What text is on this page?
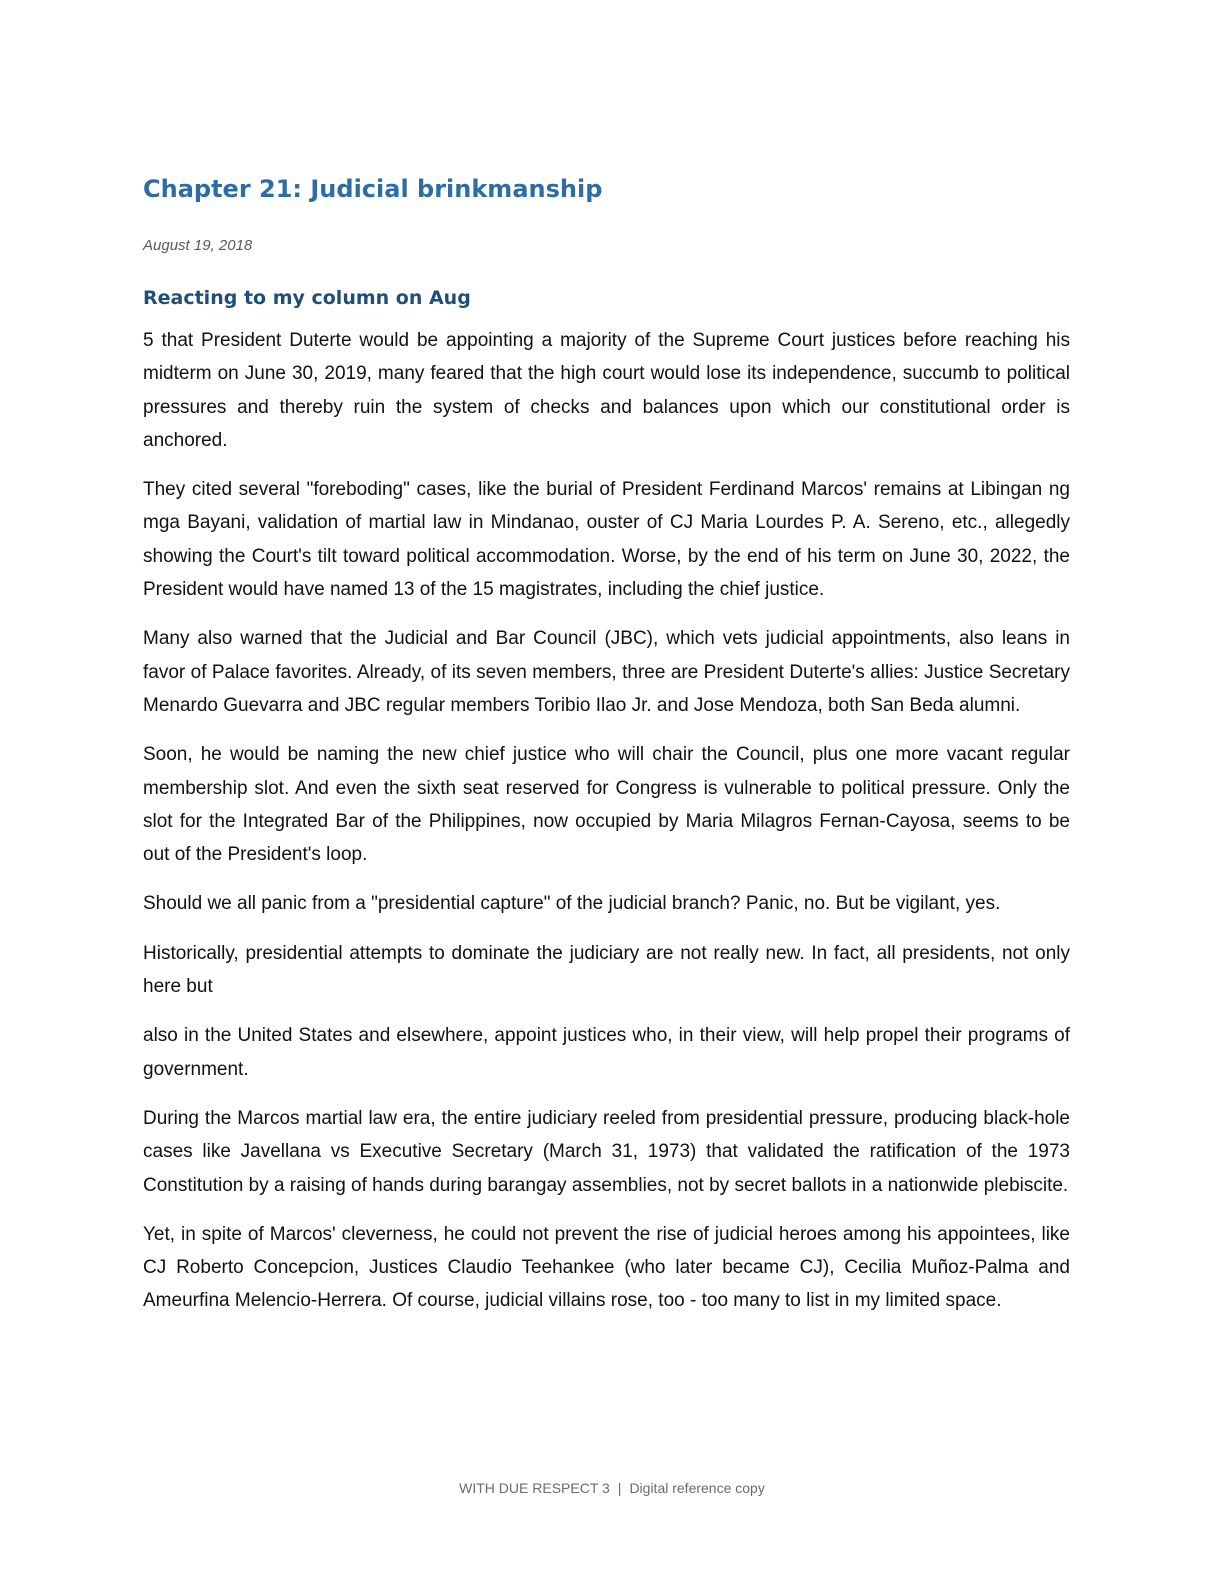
Chapter 21: Judicial brinkmanship
August 19, 2018
Reacting to my column on Aug

5 that President Duterte would be appointing a majority of the Supreme Court justices before reaching his midterm on June 30, 2019, many feared that the high court would lose its independence, succumb to political pressures and thereby ruin the system of checks and balances upon which our constitutional order is anchored.

They cited several "foreboding" cases, like the burial of President Ferdinand Marcos' remains at Libingan ng mga Bayani, validation of martial law in Mindanao, ouster of CJ Maria Lourdes P. A. Sereno, etc., allegedly showing the Court's tilt toward political accommodation. Worse, by the end of his term on June 30, 2022, the President would have named 13 of the 15 magistrates, including the chief justice.

Many also warned that the Judicial and Bar Council (JBC), which vets judicial appointments, also leans in favor of Palace favorites. Already, of its seven members, three are President Duterte's allies: Justice Secretary Menardo Guevarra and JBC regular members Toribio Ilao Jr. and Jose Mendoza, both San Beda alumni.

Soon, he would be naming the new chief justice who will chair the Council, plus one more vacant regular membership slot. And even the sixth seat reserved for Congress is vulnerable to political pressure. Only the slot for the Integrated Bar of the Philippines, now occupied by Maria Milagros Fernan-Cayosa, seems to be out of the President's loop.

Should we all panic from a "presidential capture" of the judicial branch? Panic, no. But be vigilant, yes.

Historically, presidential attempts to dominate the judiciary are not really new. In fact, all presidents, not only here but

also in the United States and elsewhere, appoint justices who, in their view, will help propel their programs of government.

During the Marcos martial law era, the entire judiciary reeled from presidential pressure, producing black-hole cases like Javellana vs Executive Secretary (March 31, 1973) that validated the ratification of the 1973 Constitution by a raising of hands during barangay assemblies, not by secret ballots in a nationwide plebiscite.

Yet, in spite of Marcos' cleverness, he could not prevent the rise of judicial heroes among his appointees, like CJ Roberto Concepcion, Justices Claudio Teehankee (who later became CJ), Cecilia Muñoz-Palma and Ameurfina Melencio-Herrera. Of course, judicial villains rose, too - too many to list in my limited space.

WITH DUE RESPECT 3 | Digital reference copy
